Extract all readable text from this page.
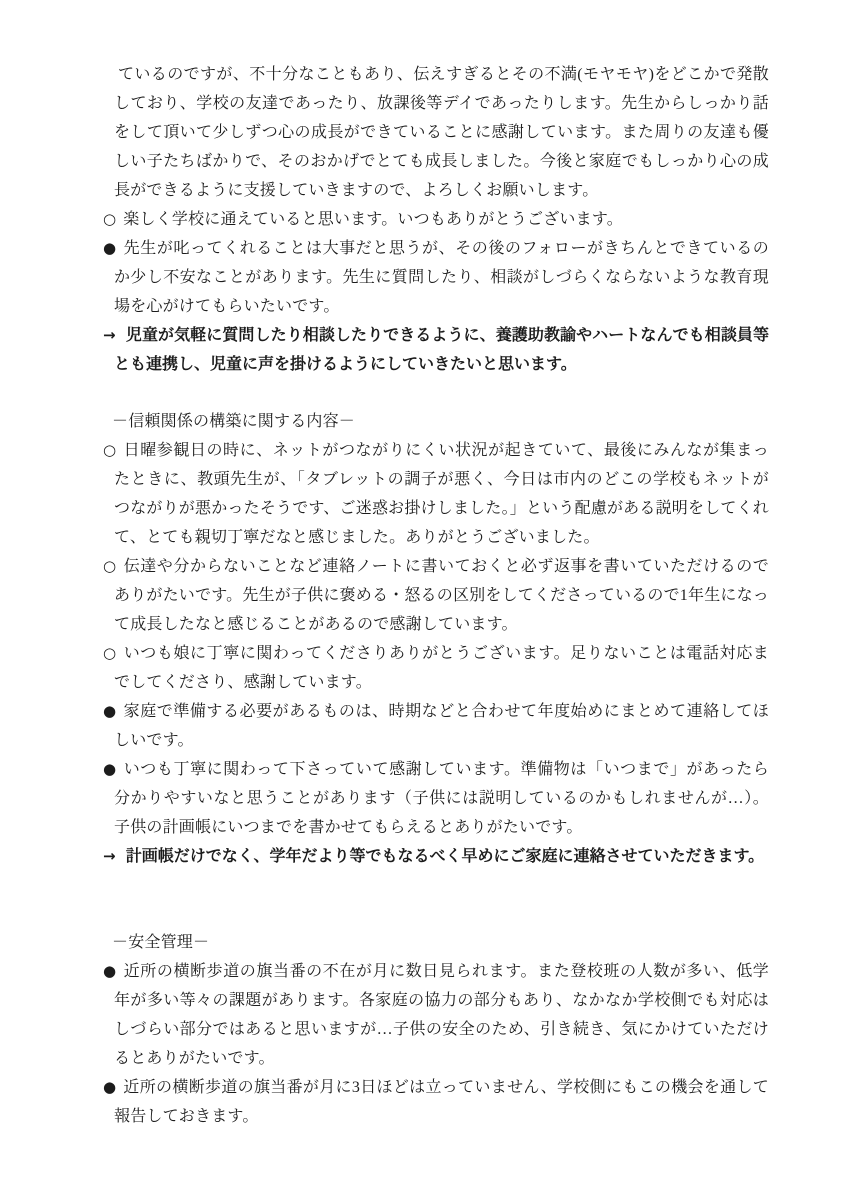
ているのですが、不十分なこともあり、伝えすぎるとその不満(モヤモヤ)をどこかで発散しており、学校の友達であったり、放課後等デイであったりします。先生からしっかり話をして頂いて少しずつ心の成長ができていることに感謝しています。また周りの友達も優しい子たちばかりで、そのおかげでとても成長しました。今後と家庭でもしっかり心の成長ができるように支援していきますので、よろしくお願いします。

○ 楽しく学校に通えていると思います。いつもありがとうございます。
● 先生が叱ってくれることは大事だと思うが、その後のフォローがきちんとできているのか少し不安なことがあります。先生に質問したり、相談がしづらくならないような教育現場を心がけてもらいたいです。
→ 児童が気軽に質問したり相談したりできるように、養護助教諭やハートなんでも相談員等とも連携し、児童に声を掛けるようにしていきたいと思います。
－信頼関係の構築に関する内容－
○ 日曜参観日の時に、ネットがつながりにくい状況が起きていて、最後にみんなが集まったときに、教頭先生が、「タブレットの調子が悪く、今日は市内のどこの学校もネットがつながりが悪かったそうです、ご迷惑お掛けしました。」という配慮がある説明をしてくれて、とても親切丁寧だなと感じました。ありがとうございました。
○ 伝達や分からないことなど連絡ノートに書いておくと必ず返事を書いていただけるのでありがたいです。先生が子供に褒める・怒るの区別をしてくださっているので1年生になって成長したなと感じることがあるので感謝しています。
○ いつも娘に丁寧に関わってくださりありがとうございます。足りないことは電話対応までしてくださり、感謝しています。
● 家庭で準備する必要があるものは、時期などと合わせて年度始めにまとめて連絡してほしいです。
● いつも丁寧に関わって下さっていて感謝しています。準備物は「いつまで」があったら分かりやすいなと思うことがあります（子供には説明しているのかもしれませんが…）。子供の計画帳にいつまでを書かせてもらえるとありがたいです。
→ 計画帳だけでなく、学年だより等でもなるべく早めにご家庭に連絡させていただきます。
－安全管理－
● 近所の横断歩道の旗当番の不在が月に数日見られます。また登校班の人数が多い、低学年が多い等々の課題があります。各家庭の協力の部分もあり、なかなか学校側でも対応はしづらい部分ではあると思いますが…子供の安全のため、引き続き、気にかけていただけるとありがたいです。
● 近所の横断歩道の旗当番が月に3日ほどは立っていません、学校側にもこの機会を通して報告しておきます。
